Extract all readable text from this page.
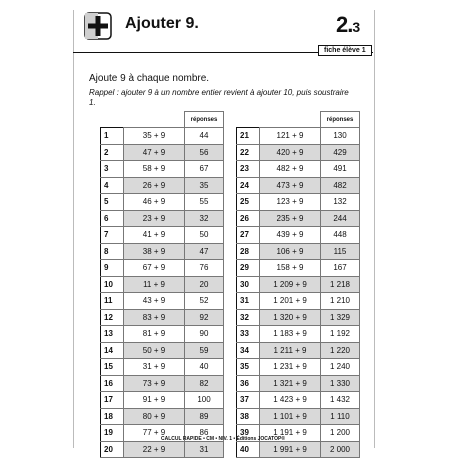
Ajouter 9.	2.3
fiche élève 1
Ajoute 9 à chaque nombre.
Rappel : ajouter 9 à un nombre entier revient à ajouter 10, puis soustraire 1.
		réponses
1	35 + 9	44
2	47 + 9	56
3	58 + 9	67
4	26 + 9	35
5	46 + 9	55
6	23 + 9	32
7	41 + 9	50
8	38 + 9	47
9	67 + 9	76
10	11 + 9	20
11	43 + 9	52
12	83 + 9	92
13	81 + 9	90
14	50 + 9	59
15	31 + 9	40
16	73 + 9	82
17	91 + 9	100
18	80 + 9	89
19	77 + 9	86
20	22 + 9	31
		réponses
21	121 + 9	130
22	420 + 9	429
23	482 + 9	491
24	473 + 9	482
25	123 + 9	132
26	235 + 9	244
27	439 + 9	448
28	106 + 9	115
29	158 + 9	167
30	1 209 + 9	1 218
31	1 201 + 9	1 210
32	1 320 + 9	1 329
33	1 183 + 9	1 192
34	1 211 + 9	1 220
35	1 231 + 9	1 240
36	1 321 + 9	1 330
37	1 423 + 9	1 432
38	1 101 + 9	1 110
39	1 191 + 9	1 200
40	1 991 + 9	2 000
CALCUL RAPIDE • CM • NIV. 1 • Éditions JOCATOP®
